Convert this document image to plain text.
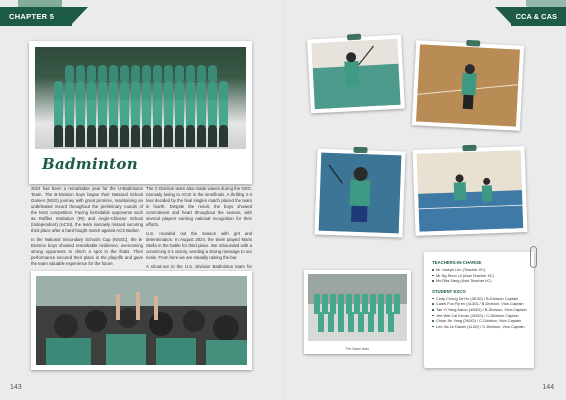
CHAPTER 5	CCA & CAS
Badminton

2024 has been a remarkable year for the U-Badminton Team. The B-Division boys began their National School Games (NSG) journey with great promise, maintaining an undefeated record throughout the preliminary rounds of the NSG competition. Facing formidable opponents such as Raffles Institution (RI) and Anglo-Chinese School (Independent) (ACSI), the team narrowly missed securing third place after a hard-fought match against ACS Barker.

In the National Secondary Schools Cup (NSSC), the B-Division boys showed remarkable resilience, overcoming strong opponents to clinch a spot in the finals. Their performance secured their place in the playoffs and gave the team valuable experience for the future.

The C-Division team also made waves during the NSG, narrowly losing to ACSI in the semifinals. A thrilling 2-3 loss decided by the final singles match placed the team in fourth. Despite the result, the boys showed commitment and heart throughout the season, with several players earning national recognition for their efforts.

U.S. rounded out the season with grit and determination. In August 2024, the team played Maris Stella in the battle for third place. We rebounded with a convincing 3-1 victory, sending a strong message to our rivals. From here we are steadily raising the bar.

A shout-out to the U.S. Division Badminton team for

143
Pre-Game team
TEACHERS-IN-CHARGE
Mr Joseph Lim (Teacher I/C)
Mr Ng Shun Lii (Asst Teacher I/C)
Ms Rita Sang (Asst Teacher I/C)
STUDENT EXCO
Cody Chong Ze Ho (3E3G) / B-Division Captain
Caleb Foo Ry en (4L3G) / B-Division, Vice-Captain
Tan Yi Yang Aaron (4N3G) / B-Division, Vice-Captain
Yee Wei Cai Kevan (4N3G) / C-Division Captain
Chloe Jie Yang (3N3G) / C-Division, Vice-Captain
Lee Jia Le Daniel (4L3G) / C-Division, Vice-Captain
144
